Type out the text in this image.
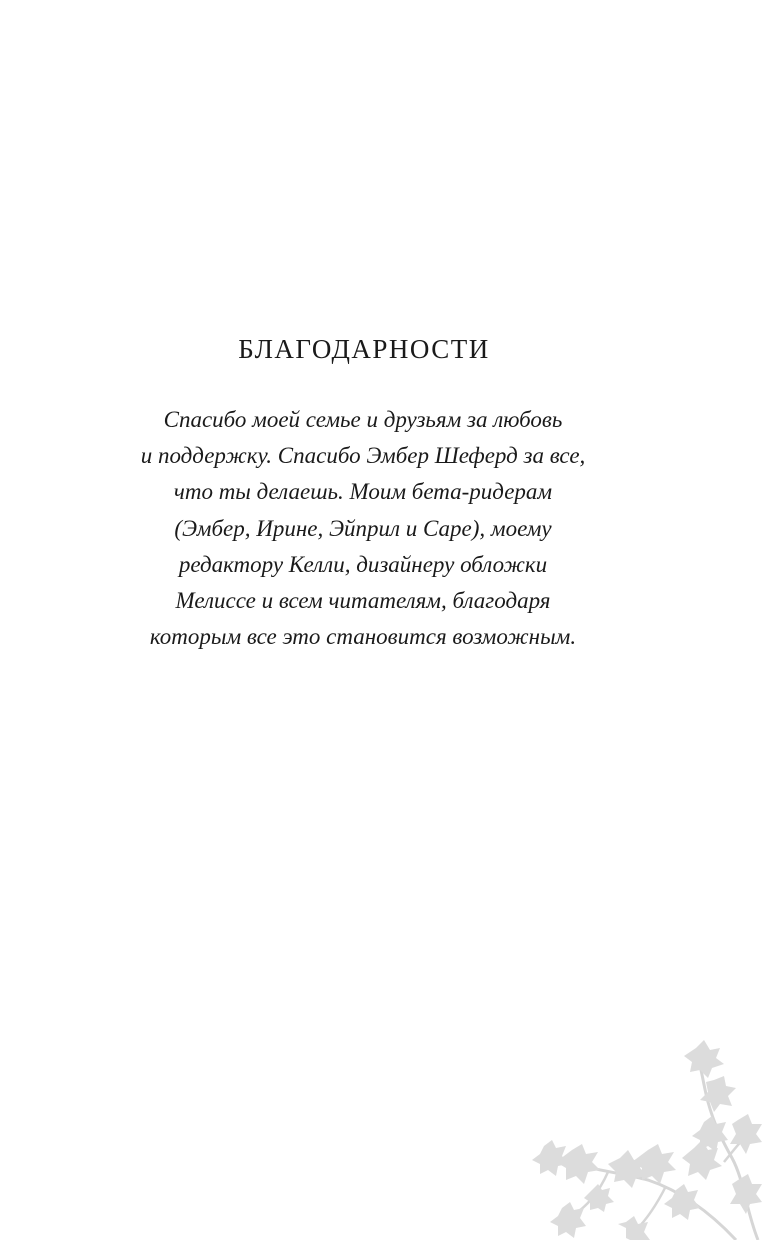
БЛАГОДАРНОСТИ
Спасибо моей семье и друзьям за любовь
и поддержку. Спасибо Эмбер Шеферд за все,
что ты делаешь. Моим бета-ридерам
(Эмбер, Ирине, Эйприл и Саре), моему
редактору Келли, дизайнеру обложки
Мелиссе и всем читателям, благодаря
которым все это становится возможным.
